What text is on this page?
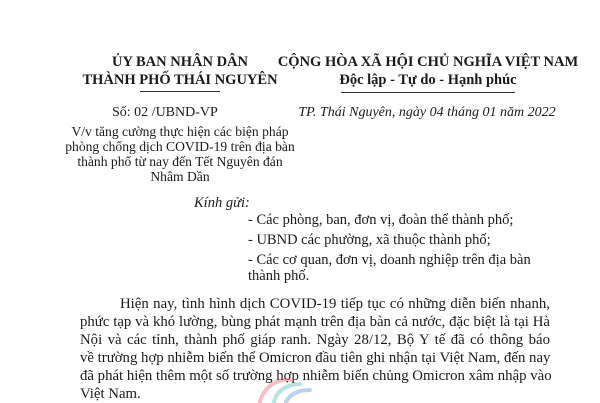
ỦY BAN NHÂN DÂN
THÀNH PHỐ THÁI NGUYÊN
CỘNG HÒA XÃ HỘI CHỦ NGHĨA VIỆT NAM
Độc lập - Tự do - Hạnh phúc
Số: 02 /UBND-VP	TP. Thái Nguyên, ngày 04 tháng 01 năm 2022
V/v tăng cường thực hiện các biện pháp phòng chống dịch COVID-19 trên địa bàn thành phố từ nay đến Tết Nguyên đán Nhâm Dần
Kính gửi:
- Các phòng, ban, đơn vị, đoàn thể thành phố;
- UBND các phường, xã thuộc thành phố;
- Các cơ quan, đơn vị, doanh nghiệp trên địa bàn
thành phố.
Hiện nay, tình hình dịch COVID-19 tiếp tục có những diễn biến nhanh,
phức tạp và khó lường, bùng phát mạnh trên địa bàn cả nước, đặc biệt là tại Hà
Nội và các tỉnh, thành phố giáp ranh. Ngày 28/12, Bộ Y tế đã có thông báo
về trường hợp nhiễm biến thể Omicron đầu tiên ghi nhận tại Việt Nam, đến nay
đã phát hiện thêm một số trường hợp nhiễm biến chủng Omicron xâm nhập vào
Việt Nam.
